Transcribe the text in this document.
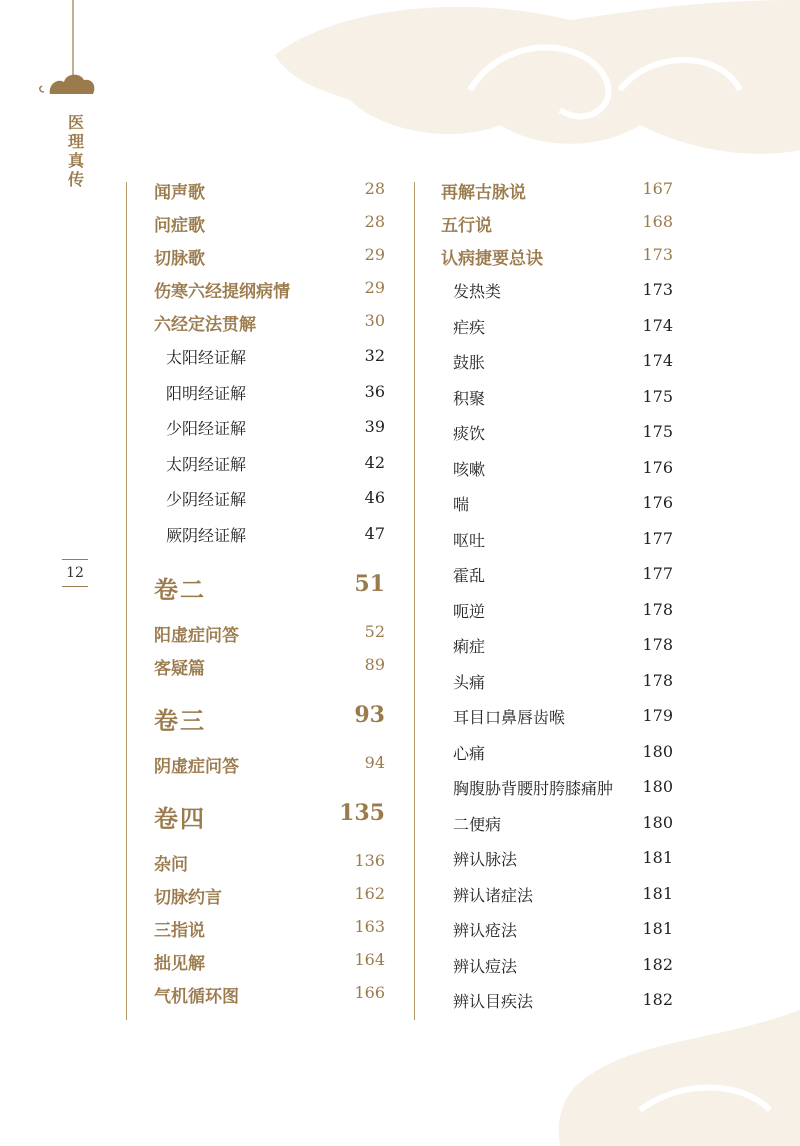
医理真传
12
闻声歌	28
问症歌	28
切脉歌	29
伤寒六经提纲病情	29
六经定法贯解	30
太阳经证解	32
阳明经证解	36
少阳经证解	39
太阴经证解	42
少阴经证解	46
厥阴经证解	47
卷二	51
阳虚症问答	52
客疑篇	89
卷三	93
阴虚症问答	94
卷四	135
杂问	136
切脉约言	162
三指说	163
拙见解	164
气机循环图	166
再解古脉说	167
五行说	168
认病捷要总诀	173
发热类	173
疟疾	174
鼓胀	174
积聚	175
痰饮	175
咳嗽	176
喘	176
呕吐	177
霍乱	177
呃逆	178
痢症	178
头痛	178
耳目口鼻唇齿喉	179
心痛	180
胸腹胁背腰肘胯膝痛肿 180
二便病	180
辨认脉法	181
辨认诸症法	181
辨认疮法	181
辨认痘法	182
辨认目疾法	182
